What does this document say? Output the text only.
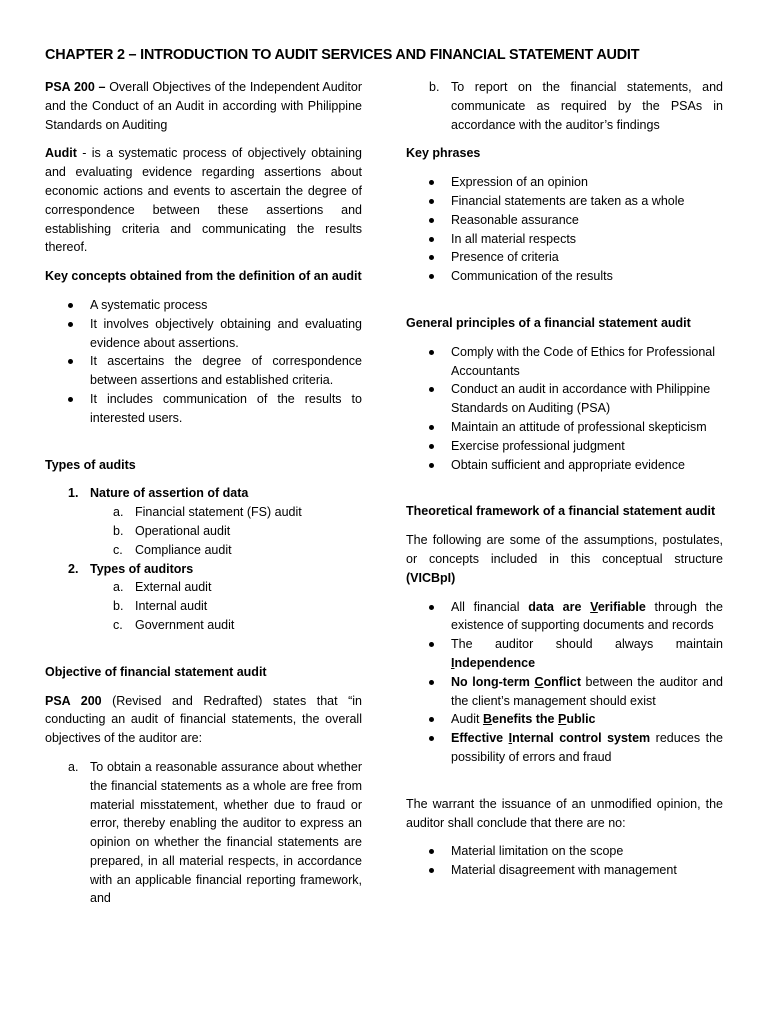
CHAPTER 2 – INTRODUCTION TO AUDIT SERVICES AND FINANCIAL STATEMENT AUDIT

PSA 200 – Overall Objectives of the Independent Auditor and the Conduct of an Audit in according with Philippine Standards on Auditing

Audit - is a systematic process of objectively obtaining and evaluating evidence regarding assertions about economic actions and events to ascertain the degree of correspondence between these assertions and establishing criteria and communicating the results thereof.

Key concepts obtained from the definition of an audit
A systematic process
It involves objectively obtaining and evaluating evidence about assertions.
It ascertains the degree of correspondence between assertions and established criteria.
It includes communication of the results to interested users.
Types of audits
1. Nature of assertion of data
a. Financial statement (FS) audit
b. Operational audit
c. Compliance audit
2. Types of auditors
a. External audit
b. Internal audit
c. Government audit
Objective of financial statement audit

PSA 200 (Revised and Redrafted) states that “in conducting an audit of financial statements, the overall objectives of the auditor are:

a. To obtain a reasonable assurance about whether the financial statements as a whole are free from material misstatement, whether due to fraud or error, thereby enabling the auditor to express an opinion on whether the financial statements are prepared, in all material respects, in accordance with an applicable financial reporting framework, and
b. To report on the financial statements, and communicate as required by the PSAs in accordance with the auditor’s findings
Key phrases
Expression of an opinion
Financial statements are taken as a whole
Reasonable assurance
In all material respects
Presence of criteria
Communication of the results
General principles of a financial statement audit
Comply with the Code of Ethics for Professional Accountants
Conduct an audit in accordance with Philippine Standards on Auditing (PSA)
Maintain an attitude of professional skepticism
Exercise professional judgment
Obtain sufficient and appropriate evidence
Theoretical framework of a financial statement audit

The following are some of the assumptions, postulates, or concepts included in this conceptual structure (VICBpI)

All financial data are Verifiable through the existence of supporting documents and records
The auditor should always maintain Independence
No long-term Conflict between the auditor and the client’s management should exist
Audit Benefits the Public
Effective Internal control system reduces the possibility of errors and fraud

The warrant the issuance of an unmodified opinion, the auditor shall conclude that there are no:

Material limitation on the scope
Material disagreement with management
